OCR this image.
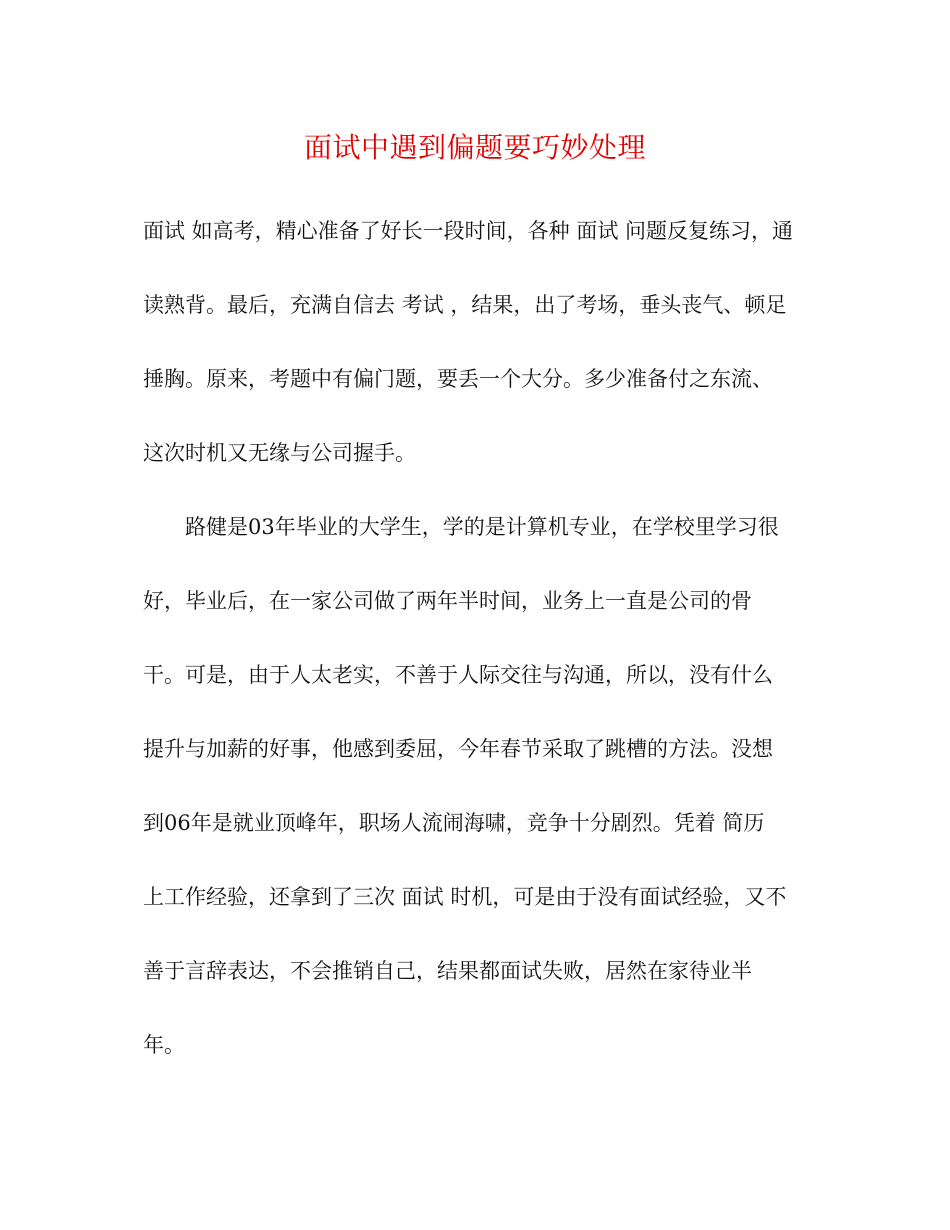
面试中遇到偏题要巧妙处理
面试 如高考，精心准备了好长一段时间，各种 面试 问题反复练习，通
读熟背。最后，充满自信去 考试 ，结果，出了考场，垂头丧气、顿足
捶胸。原来，考题中有偏门题，要丢一个大分。多少准备付之东流、
这次时机又无缘与公司握手。
路健是03年毕业的大学生，学的是计算机专业，在学校里学习很
好，毕业后，在一家公司做了两年半时间，业务上一直是公司的骨
干。可是，由于人太老实，不善于人际交往与沟通，所以，没有什么
提升与加薪的好事，他感到委屈，今年春节采取了跳槽的方法。没想
到06年是就业顶峰年，职场人流闹海啸，竞争十分剧烈。凭着 简历
上工作经验，还拿到了三次 面试 时机，可是由于没有面试经验，又不
善于言辞表达，不会推销自己，结果都面试失败，居然在家待业半
年。
